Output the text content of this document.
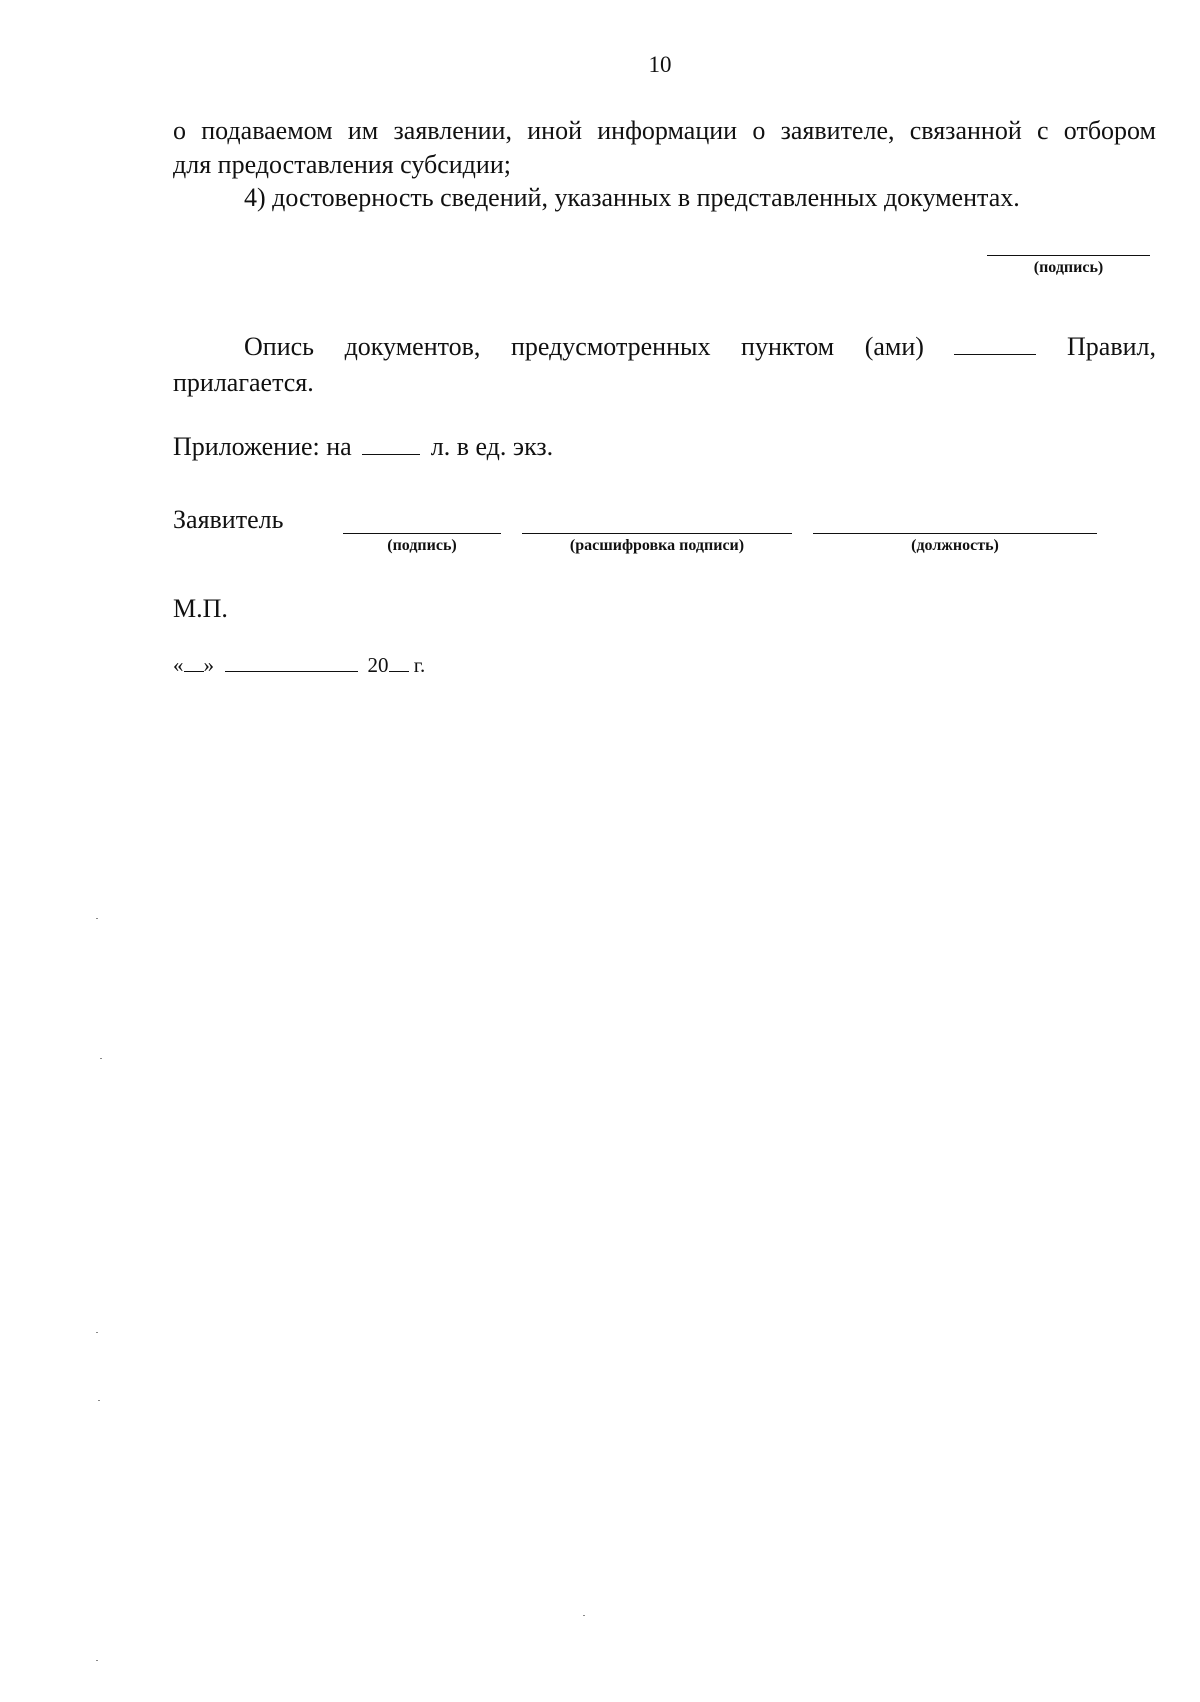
10
о подаваемом им заявлении, иной информации о заявителе, связанной с отбором
для предоставления субсидии;
4) достоверность сведений, указанных в представленных документах.
(подпись)
Опись документов, предусмотренных пунктом (ами)	Правил,
прилагается.
Приложение: на	л. в ед. экз.
Заявитель
(подпись)	(расшифровка подписи)	(должность)
М.П.
« »	20 г.
